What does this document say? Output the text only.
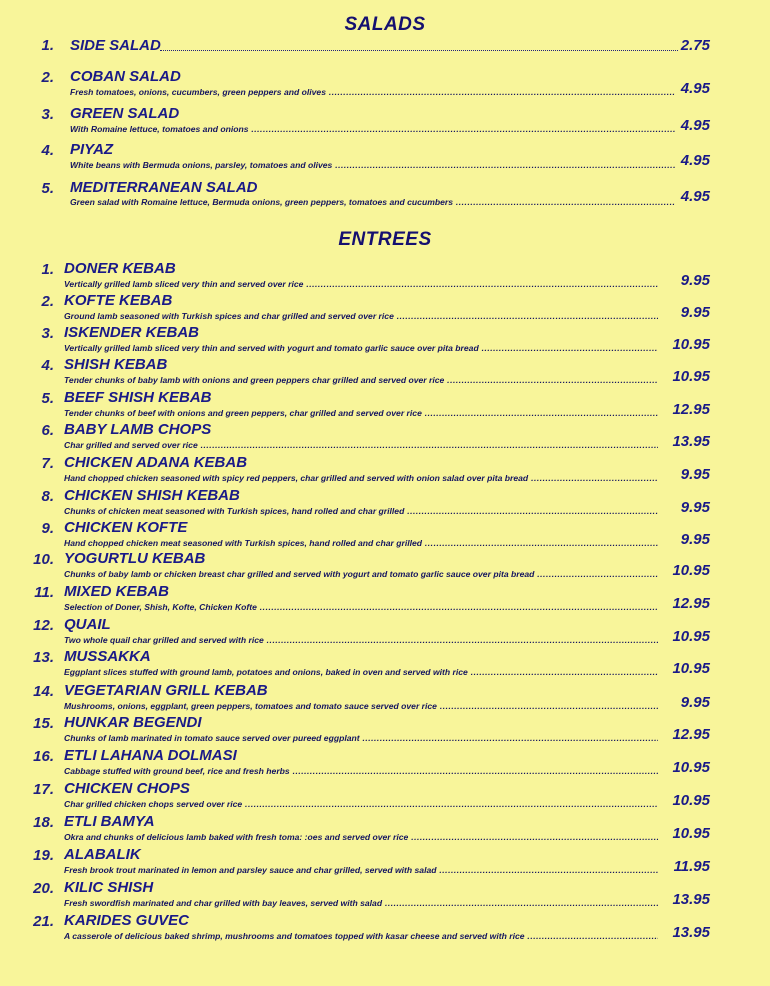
SALADS
1. SIDE SALAD	2.75
2. COBAN SALAD
Fresh tomatoes, onions, cucumbers, green peppers and olives .....	4.95
3. GREEN SALAD
With Romaine lettuce, tomatoes and onions .....	4.95
4. PIYAZ
White beans with Bermuda onions, parsley, tomatoes and olives .....	4.95
5. MEDITERRANEAN SALAD
Green salad with Romaine lettuce, Bermuda onions, green peppers, tomatoes and cucumbers .....	4.95
ENTREES
1. DONER KEBAB
Vertically grilled lamb sliced very thin and served over rice .....	9.95
2. KOFTE KEBAB
Ground lamb seasoned with Turkish spices and char grilled and served over rice .....	9.95
3. ISKENDER KEBAB
Vertically grilled lamb sliced very thin and served with yogurt and tomato garlic sauce over pita bread .....	10.95
4. SHISH KEBAB
Tender chunks of baby lamb with onions and green peppers char grilled and served over rice .....	10.95
5. BEEF SHISH KEBAB
Tender chunks of beef with onions and green peppers, char grilled and served over rice .....	12.95
6. BABY LAMB CHOPS
Char grilled and served over rice .....	13.95
7. CHICKEN ADANA KEBAB
Hand chopped chicken seasoned with spicy red peppers, char grilled and served with onion salad over pita bread .....	9.95
8. CHICKEN SHISH KEBAB
Chunks of chicken meat seasoned with Turkish spices, hand rolled and char grilled .....	9.95
9. CHICKEN KOFTE
Hand chopped chicken meat seasoned with Turkish spices, hand rolled and char grilled .....	9.95
10. YOGURTLU KEBAB
Chunks of baby lamb or chicken breast char grilled and served with yogurt and tomato garlic sauce over pita bread .....	10.95
11. MIXED KEBAB
Selection of Doner, Shish, Kofte, Chicken Kofte .....	12.95
12. QUAIL
Two whole quail char grilled and served with rice .....	10.95
13. MUSSAKKA
Eggplant slices stuffed with ground lamb, potatoes and onions, baked in oven and served with rice .....	10.95
14. VEGETARIAN GRILL KEBAB
Mushrooms, onions, eggplant, green peppers, tomatoes and tomato sauce served over rice .....	9.95
15. HUNKAR BEGENDI
Chunks of lamb marinated in tomato sauce served over pureed eggplant .....	12.95
16. ETLI LAHANA DOLMASI
Cabbage stuffed with ground beef, rice and fresh herbs .....	10.95
17. CHICKEN CHOPS
Char grilled chicken chops served over rice .....	10.95
18. ETLI BAMYA
Okra and chunks of delicious lamb baked with fresh toma: :oes and served over rice .....	10.95
19. ALABALIK
Fresh brook trout marinated in lemon and parsley sauce and char grilled, served with salad .....	11.95
20. KILIC SHISH
Fresh swordfish marinated and char grilled with bay leaves, served with salad .....	13.95
21. KARIDES GUVEC
A casserole of delicious baked shrimp, mushrooms and tomatoes topped with kasar cheese and served with rice .....	13.95
